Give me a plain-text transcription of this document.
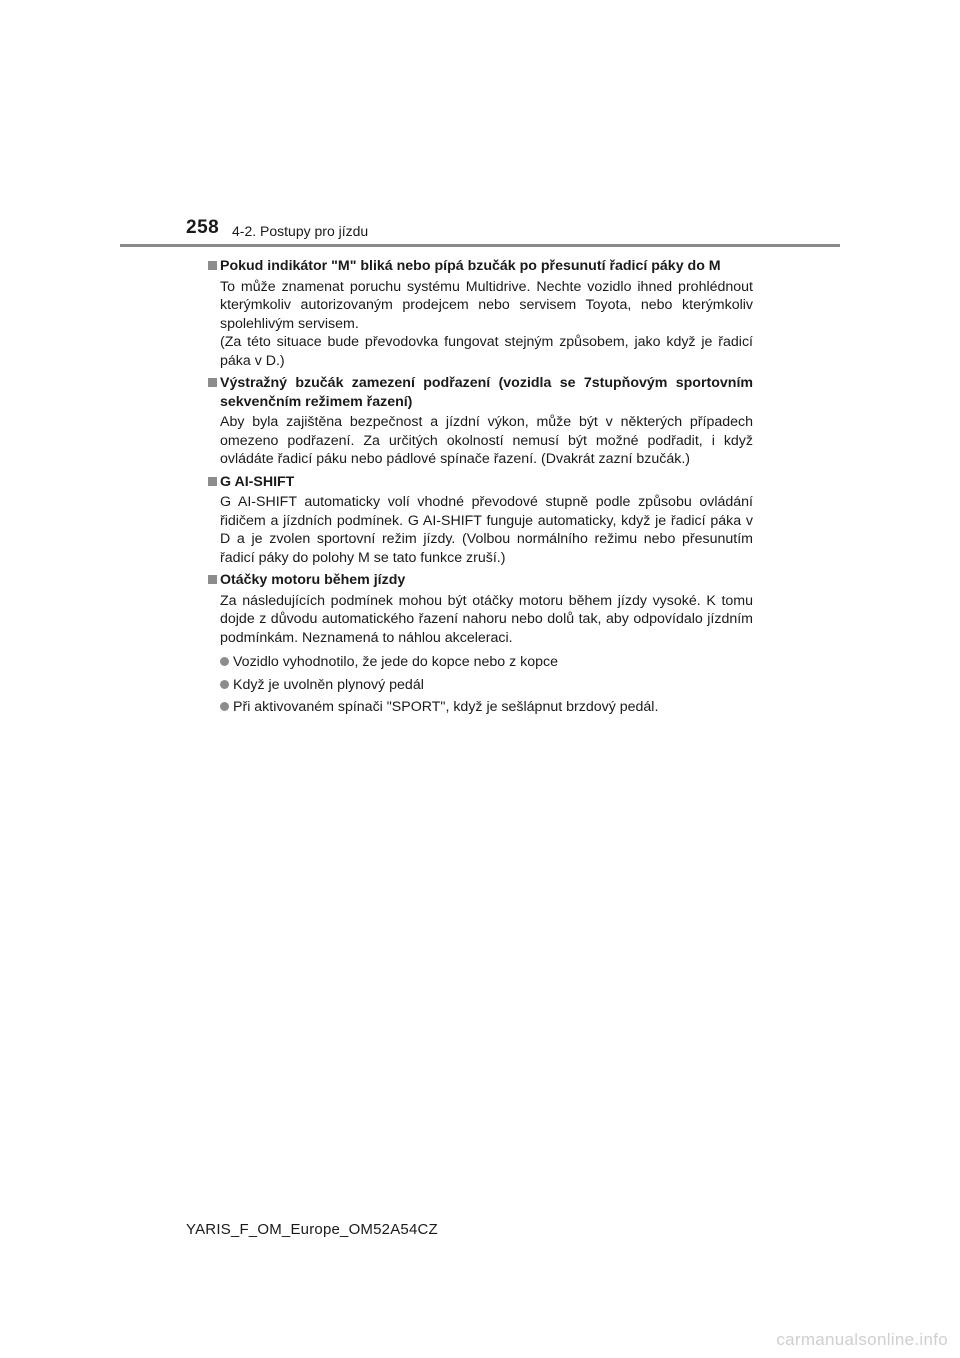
258 4-2. Postupy pro jízdu
Pokud indikátor "M" bliká nebo pípá bzučák po přesunutí řadicí páky do M

To může znamenat poruchu systému Multidrive. Nechte vozidlo ihned prohlédnout kterýmkoliv autorizovaným prodejcem nebo servisem Toyota, nebo kterýmkoliv spolehlivým servisem.

(Za této situace bude převodovka fungovat stejným způsobem, jako když je řadicí páka v D.)

Výstražný bzučák zamezení podřazení (vozidla se 7stupňovým sportovním sekvenčním režimem řazení)

Aby byla zajištěna bezpečnost a jízdní výkon, může být v některých případech omezeno podřazení. Za určitých okolností nemusí být možné podřadit, i když ovládáte řadicí páku nebo pádlové spínače řazení. (Dvakrát zazní bzučák.)

G AI-SHIFT

G AI-SHIFT automaticky volí vhodné převodové stupně podle způsobu ovládání řidičem a jízdních podmínek. G AI-SHIFT funguje automaticky, když je řadicí páka v D a je zvolen sportovní režim jízdy. (Volbou normálního režimu nebo přesunutím řadicí páky do polohy M se tato funkce zruší.)

Otáčky motoru během jízdy

Za následujících podmínek mohou být otáčky motoru během jízdy vysoké. K tomu dojde z důvodu automatického řazení nahoru nebo dolů tak, aby odpovídalo jízdním podmínkám. Neznamená to náhlou akceleraci.

Vozidlo vyhodnotilo, že jede do kopce nebo z kopce
Když je uvolněn plynový pedál
Při aktivovaném spínači "SPORT", když je sešlápnut brzdový pedál.
YARIS_F_OM_Europe_OM52A54CZ
carmanualsonline.info
